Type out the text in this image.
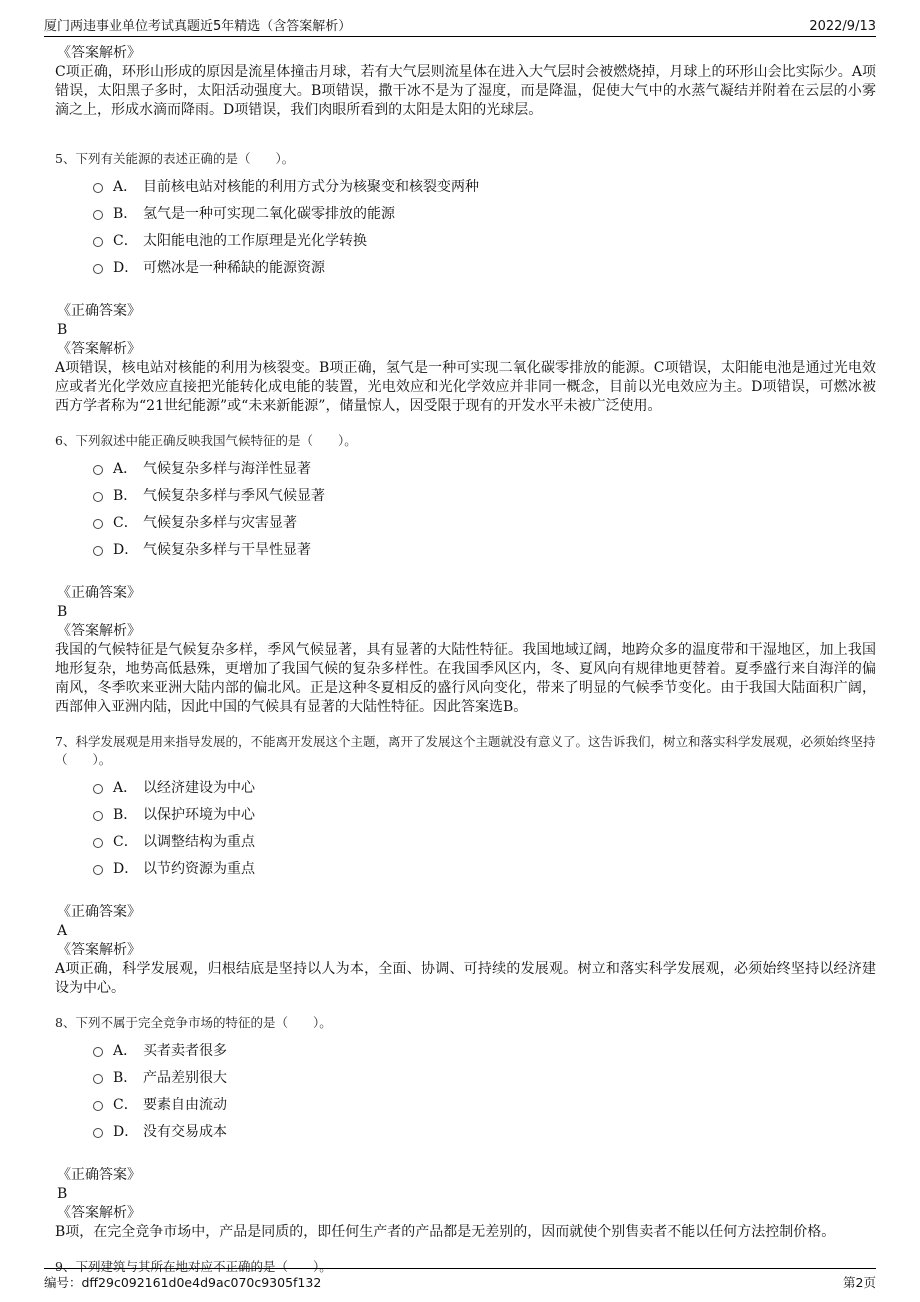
厦门两违事业单位考试真题近5年精选（含答案解析）	2022/9/13
《答案解析》
C项正确，环形山形成的原因是流星体撞击月球，若有大气层则流星体在进入大气层时会被燃烧掉，月球上的环形山会比实际少。A项错误，太阳黑子多时，太阳活动强度大。B项错误，撒干冰不是为了湿度，而是降温，促使大气中的水蒸气凝结并附着在云层的小雾滴之上，形成水滴而降雨。D项错误，我们肉眼所看到的太阳是太阳的光球层。
5、下列有关能源的表述正确的是（　　）。
A． 目前核电站对核能的利用方式分为核聚变和核裂变两种
B． 氢气是一种可实现二氧化碳零排放的能源
C． 太阳能电池的工作原理是光化学转换
D． 可燃冰是一种稀缺的能源资源
《正确答案》
B
《答案解析》
A项错误，核电站对核能的利用为核裂变。B项正确，氢气是一种可实现二氧化碳零排放的能源。C项错误，太阳能电池是通过光电效应或者光化学效应直接把光能转化成电能的装置，光电效应和光化学效应并非同一概念，目前以光电效应为主。D项错误，可燃冰被西方学者称为“21世纪能源”或“未来新能源”，储量惊人，因受限于现有的开发水平未被广泛使用。
6、下列叙述中能正确反映我国气候特征的是（　　）。
A． 气候复杂多样与海洋性显著
B． 气候复杂多样与季风气候显著
C． 气候复杂多样与灾害显著
D． 气候复杂多样与干旱性显著
《正确答案》
B
《答案解析》
我国的气候特征是气候复杂多样，季风气候显著，具有显著的大陆性特征。我国地域辽阔，地跨众多的温度带和干湿地区，加上我国地形复杂，地势高低悬殊，更增加了我国气候的复杂多样性。在我国季风区内，冬、夏风向有规律地更替着。夏季盛行来自海洋的偏南风，冬季吹来亚洲大陆内部的偏北风。正是这种冬夏相反的盛行风向变化，带来了明显的气候季节变化。由于我国大陆面积广阔，西部伸入亚洲内陆，因此中国的气候具有显著的大陆性特征。因此答案选B。
7、科学发展观是用来指导发展的，不能离开发展这个主题，离开了发展这个主题就没有意义了。这告诉我们，树立和落实科学发展观，必须始终坚持（　　）。
A． 以经济建设为中心
B． 以保护环境为中心
C． 以调整结构为重点
D． 以节约资源为重点
《正确答案》
A
《答案解析》
A项正确，科学发展观，归根结底是坚持以人为本，全面、协调、可持续的发展观。树立和落实科学发展观，必须始终坚持以经济建设为中心。
8、下列不属于完全竞争市场的特征的是（　　）。
A． 买者卖者很多
B． 产品差别很大
C． 要素自由流动
D． 没有交易成本
《正确答案》
B
《答案解析》
B项，在完全竞争市场中，产品是同质的，即任何生产者的产品都是无差别的，因而就使个别售卖者不能以任何方法控制价格。
9、下列建筑与其所在地对应不正确的是（　　）。
编号：dff29c092161d0e4d9ac070c9305f132	第2页
